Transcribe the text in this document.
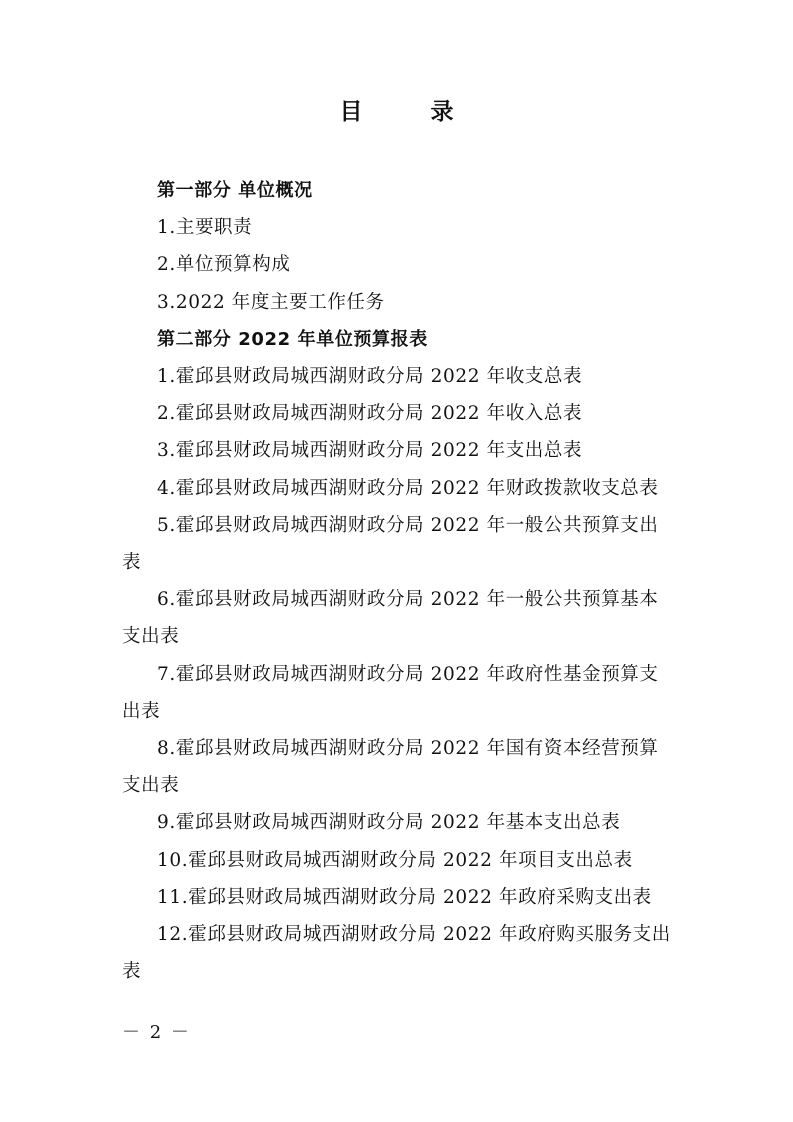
目 录

第一部分 单位概况

1.主要职责

2.单位预算构成

3.2022 年度主要工作任务

第二部分 2022 年单位预算报表

1.霍邱县财政局城西湖财政分局 2022 年收支总表

2.霍邱县财政局城西湖财政分局 2022 年收入总表

3.霍邱县财政局城西湖财政分局 2022 年支出总表

4.霍邱县财政局城西湖财政分局 2022 年财政拨款收支总表

5.霍邱县财政局城西湖财政分局 2022 年一般公共预算支出表

6.霍邱县财政局城西湖财政分局 2022 年一般公共预算基本支出表

7.霍邱县财政局城西湖财政分局 2022 年政府性基金预算支出表

8.霍邱县财政局城西湖财政分局 2022 年国有资本经营预算支出表

9.霍邱县财政局城西湖财政分局 2022 年基本支出总表

10.霍邱县财政局城西湖财政分局 2022 年项目支出总表

11.霍邱县财政局城西湖财政分局 2022 年政府采购支出表

12.霍邱县财政局城西湖财政分局 2022 年政府购买服务支出表

－ 2 －
